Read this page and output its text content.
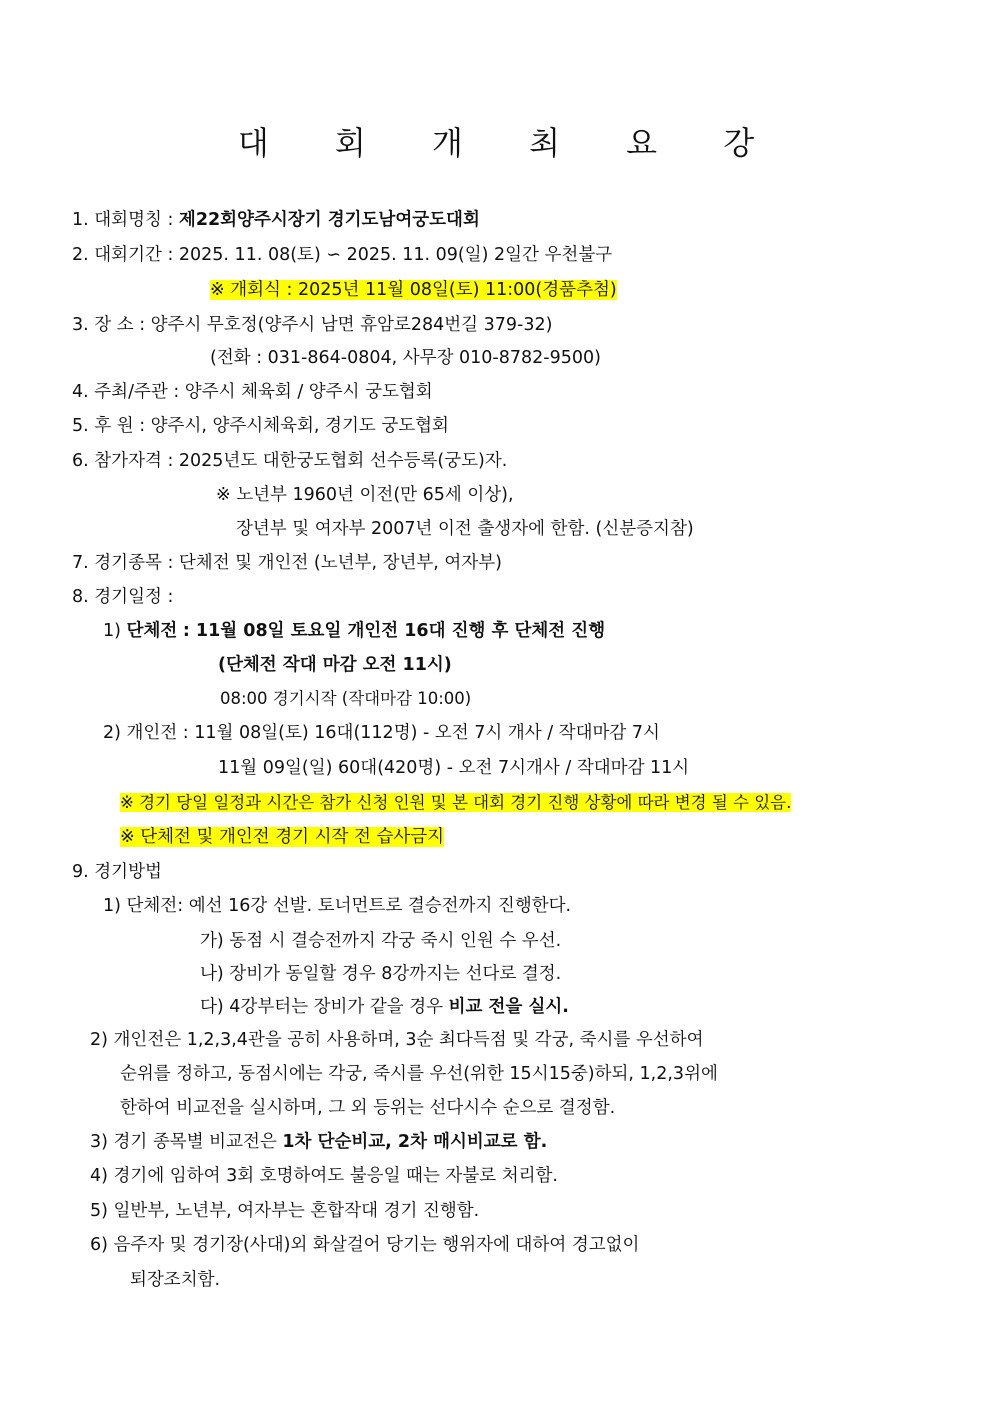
대 회 개 최 요 강
1. 대회명칭 : 제22회양주시장기 경기도남여궁도대회
2. 대회기간 : 2025. 11. 08(토) ∽ 2025. 11. 09(일) 2일간 우천불구
※ 개회식 : 2025년 11월 08일(토) 11:00(경품추첨)
3. 장 소 : 양주시 무호정(양주시 남면 휴암로284번길 379-32)
(전화 : 031-864-0804, 사무장 010-8782-9500)
4. 주최/주관 : 양주시 체육회 / 양주시 궁도협회
5. 후 원 : 양주시, 양주시체육회, 경기도 궁도협회
6. 참가자격 : 2025년도 대한궁도협회 선수등록(궁도)자.
※ 노년부 1960년 이전(만 65세 이상),
장년부 및 여자부 2007년 이전 출생자에 한함. (신분증지참)
7. 경기종목 : 단체전 및 개인전 (노년부, 장년부, 여자부)
8. 경기일정 :
1) 단체전 : 11월 08일 토요일 개인전 16대 진행 후 단체전 진행
(단체전 작대 마감 오전 11시)
08:00 경기시작 (작대마감 10:00)
2) 개인전 : 11월 08일(토) 16대(112명) - 오전 7시 개사 / 작대마감 7시
11월 09일(일) 60대(420명) - 오전 7시개사 / 작대마감 11시
※ 경기 당일 일정과 시간은 참가 신청 인원 및 본 대회 경기 진행 상황에 따라 변경 될 수 있음.
※ 단체전 및 개인전 경기 시작 전 습사금지
9. 경기방법
1) 단체전: 예선 16강 선발. 토너먼트로 결승전까지 진행한다.
가) 동점 시 결승전까지 각궁 죽시 인원 수 우선.
나) 장비가 동일할 경우 8강까지는 선다로 결정.
다) 4강부터는 장비가 같을 경우 비교 전을 실시.
2) 개인전은 1,2,3,4관을 공히 사용하며, 3순 최다득점 및 각궁, 죽시를 우선하여
순위를 정하고, 동점시에는 각궁, 죽시를 우선(위한 15시15중)하되, 1,2,3위에
한하여 비교전을 실시하며, 그 외 등위는 선다시수 순으로 결정함.
3) 경기 종목별 비교전은 1차 단순비교, 2차 매시비교로 함.
4) 경기에 임하여 3회 호명하여도 불응일 때는 자불로 처리함.
5) 일반부, 노년부, 여자부는 혼합작대 경기 진행함.
6) 음주자 및 경기장(사대)외 화살걸어 당기는 행위자에 대하여 경고없이
퇴장조치함.
